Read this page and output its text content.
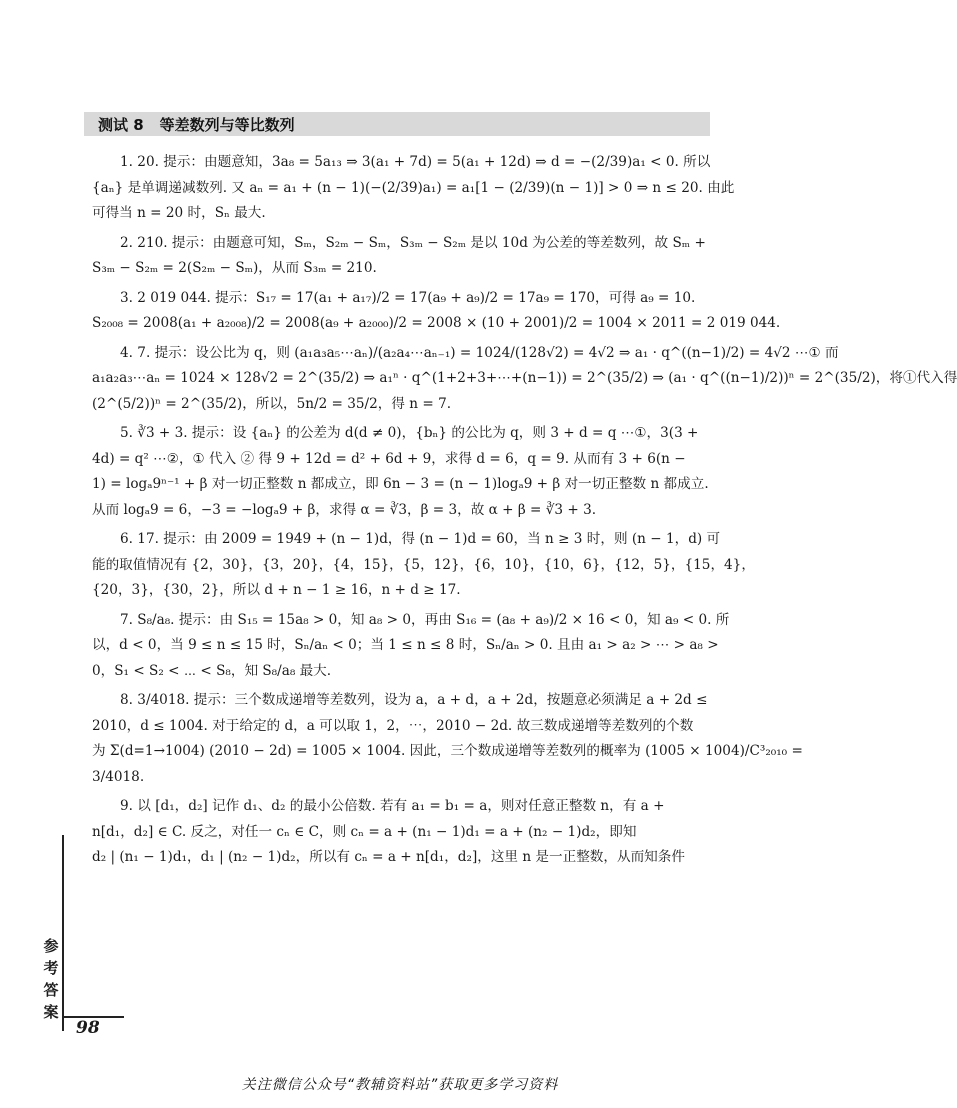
测试 8 等差数列与等比数列
1. 20. 提示：由题意知，3a₈ = 5a₁₃ ⇒ 3(a₁ + 7d) = 5(a₁ + 12d) ⇒ d = −(2/39)a₁ < 0. 所以
{aₙ} 是单调递减数列. 又 aₙ = a₁ + (n − 1)(−(2/39)a₁) = a₁[1 − (2/39)(n − 1)] > 0 ⇒ n ≤ 20. 由此
可得当 n = 20 时，Sₙ 最大.
2. 210. 提示：由题意可知，Sₘ，S₂ₘ − Sₘ，S₃ₘ − S₂ₘ 是以 10d 为公差的等差数列，故 Sₘ +
S₃ₘ − S₂ₘ = 2(S₂ₘ − Sₘ)，从而 S₃ₘ = 210.
3. 2 019 044. 提示：S₁₇ = 17(a₁ + a₁₇)/2 = 17(a₉ + a₉)/2 = 17a₉ = 170，可得 a₉ = 10.
S₂₀₀₈ = 2008(a₁ + a₂₀₀₈)/2 = 2008(a₉ + a₂₀₀₀)/2 = 2008 × (10 + 2001)/2 = 1004 × 2011 = 2 019 044.
4. 7. 提示：设公比为 q，则 (a₁a₃a₅⋯aₙ)/(a₂a₄⋯aₙ₋₁) = 1024/(128√2) = 4√2 ⇒ a₁ · q^((n−1)/2) = 4√2 ⋯① 而
a₁a₂a₃⋯aₙ = 1024 × 128√2 = 2^(35/2) ⇒ a₁ⁿ · q^(1+2+3+⋯+(n−1)) = 2^(35/2) ⇒ (a₁ · q^((n−1)/2))ⁿ = 2^(35/2)，将①代入得
(2^(5/2))ⁿ = 2^(35/2)，所以，5n/2 = 35/2，得 n = 7.
5. ∛3 + 3. 提示：设 {aₙ} 的公差为 d(d ≠ 0)，{bₙ} 的公比为 q，则 3 + d = q ⋯①，3(3 +
4d) = q² ⋯②，① 代入 ② 得 9 + 12d = d² + 6d + 9，求得 d = 6，q = 9. 从而有 3 + 6(n −
1) = logₐ9ⁿ⁻¹ + β 对一切正整数 n 都成立，即 6n − 3 = (n − 1)logₐ9 + β 对一切正整数 n 都成立.
从而 logₐ9 = 6，−3 = −logₐ9 + β，求得 α = ∛3，β = 3，故 α + β = ∛3 + 3.
6. 17. 提示：由 2009 = 1949 + (n − 1)d，得 (n − 1)d = 60，当 n ≥ 3 时，则 (n − 1，d) 可
能的取值情况有 {2，30}，{3，20}，{4，15}，{5，12}，{6，10}，{10，6}，{12，5}，{15，4}，
{20，3}，{30，2}，所以 d + n − 1 ≥ 16，n + d ≥ 17.
7. S₈/a₈. 提示：由 S₁₅ = 15a₈ > 0，知 a₈ > 0，再由 S₁₆ = (a₈ + a₉)/2 × 16 < 0，知 a₉ < 0. 所
以，d < 0，当 9 ≤ n ≤ 15 时，Sₙ/aₙ < 0；当 1 ≤ n ≤ 8 时，Sₙ/aₙ > 0. 且由 a₁ > a₂ > ⋯ > a₈ >
0，S₁ < S₂ < ⋯ < S₈，知 S₈/a₈ 最大.
8. 3/4018. 提示：三个数成递增等差数列，设为 a，a + d，a + 2d，按题意必须满足 a + 2d ≤
2010，d ≤ 1004. 对于给定的 d，a 可以取 1，2，⋯，2010 − 2d. 故三数成递增等差数列的个数
为 Σ(d=1→1004) (2010 − 2d) = 1005 × 1004. 因此，三个数成递增等差数列的概率为 (1005 × 1004)/C³₂₀₁₀ =
3/4018.
9. 以 [d₁，d₂] 记作 d₁、d₂ 的最小公倍数. 若有 a₁ = b₁ = a，则对任意正整数 n，有 a +
n[d₁，d₂] ∈ C. 反之，对任一 cₙ ∈ C，则 cₙ = a + (n₁ − 1)d₁ = a + (n₂ − 1)d₂，即知
d₂ | (n₁ − 1)d₁，d₁ | (n₂ − 1)d₂，所以有 cₙ = a + n[d₁，d₂]，这里 n 是一正整数，从而知条件
参
考
答
案
98
关注微信公众号“教辅资料站”获取更多学习资料
